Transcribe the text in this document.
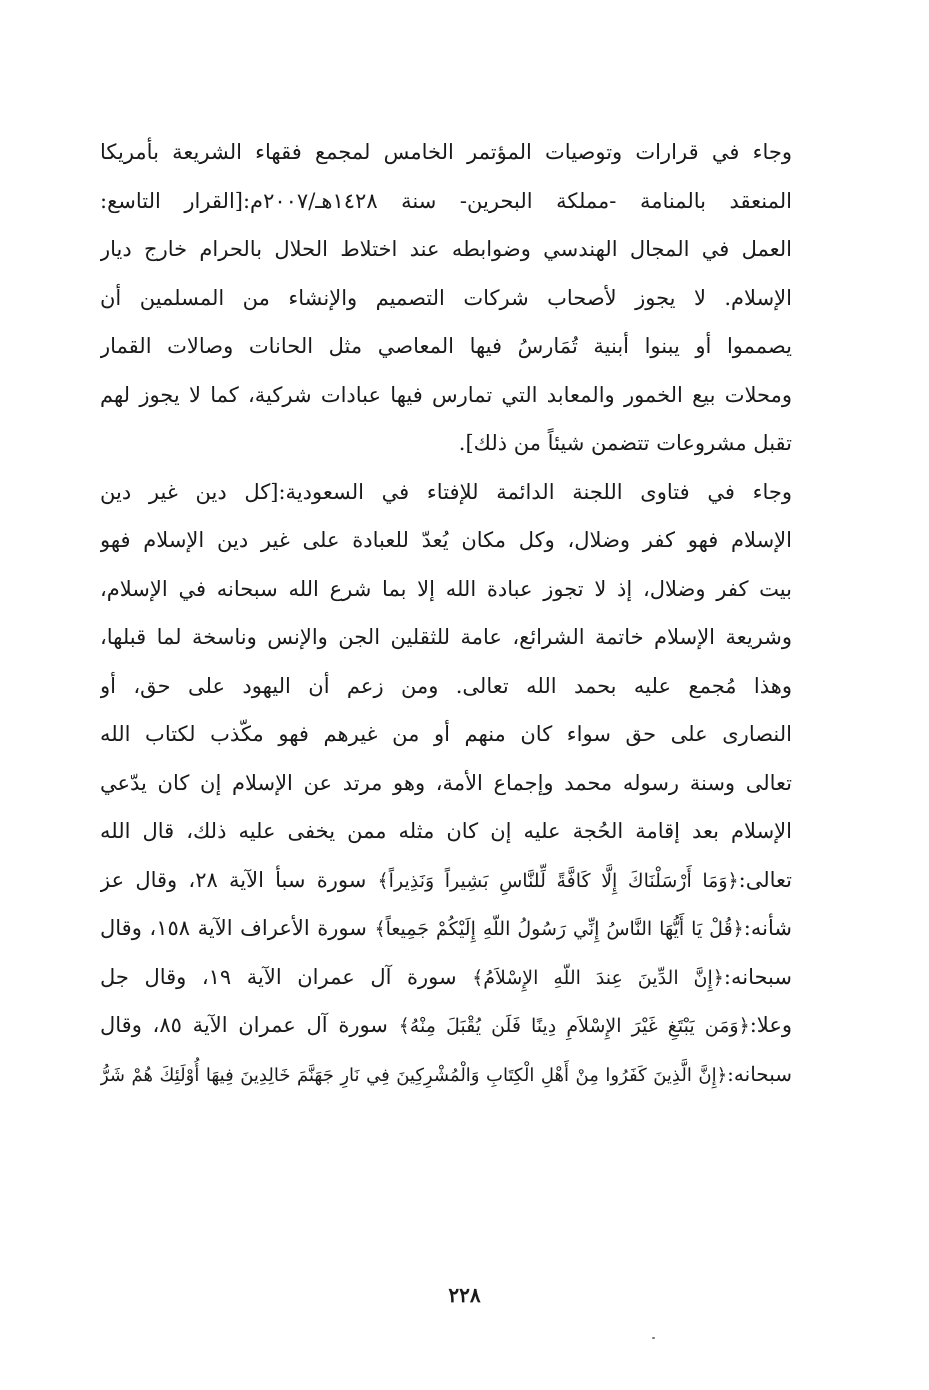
وجاء في قرارات وتوصيات المؤتمر الخامس لمجمع فقهاء الشريعة بأمريكا
المنعقد بالمنامة -مملكة البحرين- سنة ١٤٢٨هـ/٢٠٠٧م:[القرار التاسع:
العمل في المجال الهندسي وضوابطه عند اختلاط الحلال بالحرام خارج ديار
الإسلام. لا يجوز لأصحاب شركات التصميم والإنشاء من المسلمين أن
يصمموا أو يبنوا أبنية تُمَارسُ فيها المعاصي مثل الحانات وصالات القمار
ومحلات بيع الخمور والمعابد التي تمارس فيها عبادات شركية، كما لا يجوز لهم
تقبل مشروعات تتضمن شيئاً من ذلك].
وجاء في فتاوى اللجنة الدائمة للإفتاء في السعودية:[كل دين غير دين
الإسلام فهو كفر وضلال، وكل مكان يُعدّ للعبادة على غير دين الإسلام فهو
بيت كفر وضلال، إذ لا تجوز عبادة الله إلا بما شرع الله سبحانه في الإسلام،
وشريعة الإسلام خاتمة الشرائع، عامة للثقلين الجن والإنس وناسخة لما قبلها،
وهذا مُجمع عليه بحمد الله تعالى. ومن زعم أن اليهود على حق، أو
النصارى على حق سواء كان منهم أو من غيرهم فهو مكّذب لكتاب الله
تعالى وسنة رسوله محمد وإجماع الأمة، وهو مرتد عن الإسلام إن كان يدّعي
الإسلام بعد إقامة الحُجة عليه إن كان مثله ممن يخفى عليه ذلك، قال الله
تعالى:﴿وَمَا أَرْسَلْنَاكَ إِلَّا كَافَّةً لِّلنَّاسِ بَشِيراً وَنَذِيراً﴾ سورة سبأ الآية ٢٨، وقال عز
شأنه:﴿قُلْ يَا أَيُّهَا النَّاسُ إِنِّي رَسُولُ اللّهِ إِلَيْكُمْ جَمِيعاً﴾ سورة الأعراف الآية ١٥٨، وقال
سبحانه:﴿إِنَّ الدِّينَ عِندَ اللّهِ الإِسْلاَمُ﴾ سورة آل عمران الآية ١٩، وقال جل
وعلا:﴿وَمَن يَبْتَغِ غَيْرَ الإِسْلاَمِ دِينًا فَلَن يُقْبَلَ مِنْهُ﴾ سورة آل عمران الآية ٨٥، وقال
سبحانه:﴿إِنَّ الَّذِينَ كَفَرُوا مِنْ أَهْلِ الْكِتَابِ وَالْمُشْرِكِينَ فِي نَارِ جَهَنَّمَ خَالِدِينَ فِيهَا أُوْلَئِكَ هُمْ شَرُّ
٢٢٨
